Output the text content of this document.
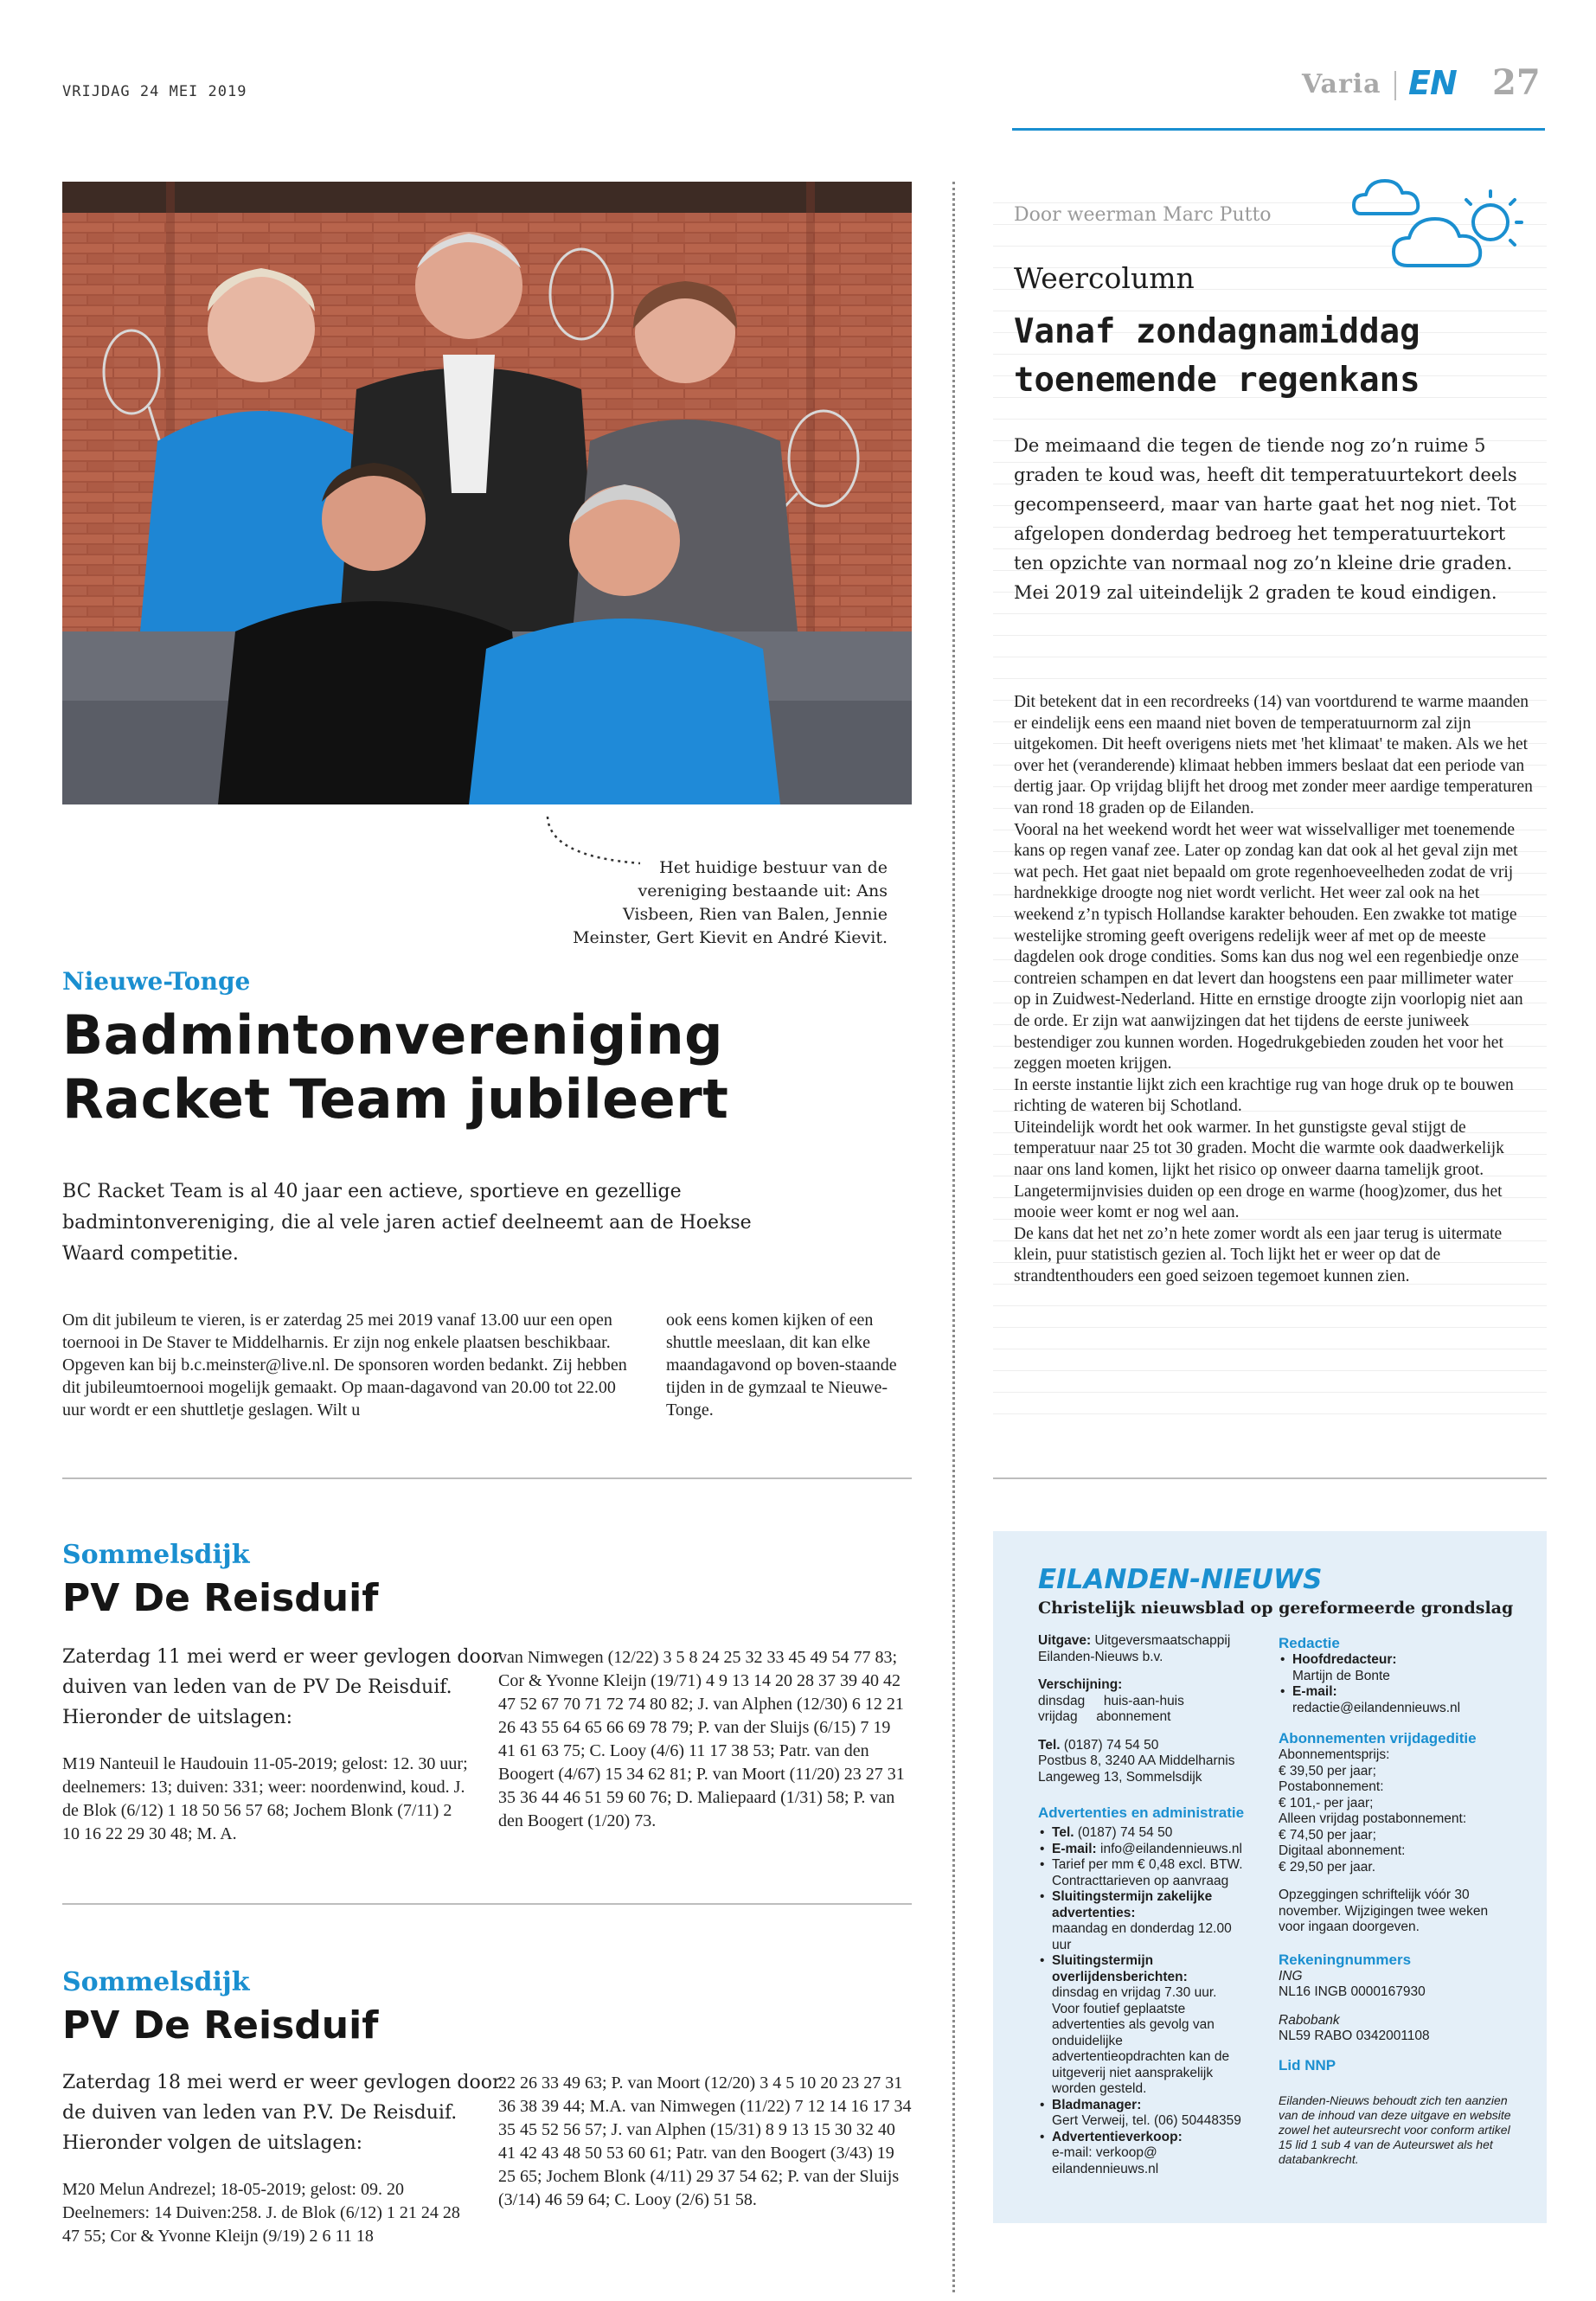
VRIJDAG 24 MEI 2019	Varia EN 27
Het huidige bestuur van de vereniging bestaande uit: Ans Visbeen, Rien van Balen, Jennie Meinster, Gert Kievit en André Kievit.
Nieuwe-Tonge
Badmintonvereniging
Racket Team jubileert
BC Racket Team is al 40 jaar een actieve, sportieve en gezellige badmintonvereniging, die al vele jaren actief deelneemt aan de Hoekse Waard competitie.
Om dit jubileum te vieren, is er zaterdag 25 mei 2019 vanaf 13.00 uur een open toernooi in De Staver te Middelharnis. Er zijn nog enkele plaatsen beschikbaar. Opgeven kan bij b.c.meinster@live.nl. De sponsoren worden bedankt. Zij hebben dit jubileumtoernooi mogelijk gemaakt. Op maan-dagavond van 20.00 tot 22.00 uur wordt er een shuttletje geslagen. Wilt u
ook eens komen kijken of een shuttle meeslaan, dit kan elke maandagavond op boven-staande tijden in de gymzaal te Nieuwe-Tonge.
Sommelsdijk
PV De Reisduif
Zaterdag 11 mei werd er weer gevlogen door duiven van leden van de PV De Reisduif. Hieronder de uitslagen:
M19 Nanteuil le Haudouin 11-05-2019; gelost: 12. 30 uur; deelnemers: 13; duiven: 331; weer: noordenwind, koud. J. de Blok (6/12) 1 18 50 56 57 68; Jochem Blonk (7/11) 2 10 16 22 29 30 48; M. A.
van Nimwegen (12/22) 3 5 8 24 25 32 33 45 49 54 77 83; Cor & Yvonne Kleijn (19/71) 4 9 13 14 20 28 37 39 40 42 47 52 67 70 71 72 74 80 82; J. van Alphen (12/30) 6 12 21 26 43 55 64 65 66 69 78 79; P. van der Sluijs (6/15) 7 19 41 61 63 75; C. Looy (4/6) 11 17 38 53; Patr. van den Boogert (4/67) 15 34 62 81; P. van Moort (11/20) 23 27 31 35 36 44 46 51 59 60 76; D. Maliepaard (1/31) 58; P. van den Boogert (1/20) 73.
Sommelsdijk
PV De Reisduif
Zaterdag 18 mei werd er weer gevlogen door de duiven van leden van P.V. De Reisduif. Hieronder volgen de uitslagen:
M20 Melun Andrezel; 18-05-2019; gelost: 09. 20 Deelnemers: 14 Duiven:258. J. de Blok (6/12) 1 21 24 28 47 55; Cor & Yvonne Kleijn (9/19) 2 6 11 18
22 26 33 49 63; P. van Moort (12/20) 3 4 5 10 20 23 27 31 36 38 39 44; M.A. van Nimwegen (11/22) 7 12 14 16 17 34 35 45 52 56 57; J. van Alphen (15/31) 8 9 13 15 30 32 40 41 42 43 48 50 53 60 61; Patr. van den Boogert (3/43) 19 25 65; Jochem Blonk (4/11) 29 37 54 62; P. van der Sluijs (3/14) 46 59 64; C. Looy (2/6) 51 58.
Door weerman Marc Putto
Weercolumn
Vanaf zondagnamiddag
toenemende regenkans
De meimaand die tegen de tiende nog zo’n ruime 5 graden te koud was, heeft dit temperatuurtekort deels gecompenseerd, maar van harte gaat het nog niet. Tot afgelopen donderdag bedroeg het temperatuurtekort ten opzichte van normaal nog zo’n kleine drie graden. Mei 2019 zal uiteindelijk 2 graden te koud eindigen.
Dit betekent dat in een recordreeks (14) van voortdurend te warme maanden er eindelijk eens een maand niet boven de temperatuurnorm zal zijn uitgekomen. Dit heeft overigens niets met 'het klimaat' te maken. Als we het over het (veranderende) klimaat hebben immers beslaat dat een periode van dertig jaar. Op vrijdag blijft het droog met zonder meer aardige temperaturen van rond 18 graden op de Eilanden.
Vooral na het weekend wordt het weer wat wisselvalliger met toenemende kans op regen vanaf zee. Later op zondag kan dat ook al het geval zijn met wat pech. Het gaat niet bepaald om grote regenhoeveelheden zodat de vrij hardnekkige droogte nog niet wordt verlicht. Het weer zal ook na het weekend z’n typisch Hollandse karakter behouden. Een zwakke tot matige westelijke stroming geeft overigens redelijk weer af met op de meeste dagdelen ook droge condities. Soms kan dus nog wel een regenbiedje onze contreien schampen en dat levert dan hoogstens een paar millimeter water op in Zuidwest-Nederland. Hitte en ernstige droogte zijn voorlopig niet aan de orde. Er zijn wat aanwijzingen dat het tijdens de eerste juniweek bestendiger zou kunnen worden. Hogedrukgebieden zouden het voor het zeggen moeten krijgen.
In eerste instantie lijkt zich een krachtige rug van hoge druk op te bouwen richting de wateren bij Schotland.
Uiteindelijk wordt het ook warmer. In het gunstigste geval stijgt de temperatuur naar 25 tot 30 graden. Mocht die warmte ook daadwerkelijk naar ons land komen, lijkt het risico op onweer daarna tamelijk groot. Langetermijnvisies duiden op een droge en warme (hoog)zomer, dus het mooie weer komt er nog wel aan.
De kans dat het net zo’n hete zomer wordt als een jaar terug is uitermate klein, puur statistisch gezien al. Toch lijkt het er weer op dat de strandtenthouders een goed seizoen tegemoet kunnen zien.
EILANDEN-NIEUWS
Christelijk nieuwsblad op gereformeerde grondslag
Uitgave: Uitgeversmaatschappij Eilanden-Nieuws b.v.
Verschijning:
dinsdag     huis-aan-huis
vrijdag     abonnement
Tel. (0187) 74 54 50
Postbus 8, 3240 AA Middelharnis
Langeweg 13, Sommelsdijk
Advertenties en administratie
• Tel. (0187) 74 54 50
• E-mail: info@eilandennieuws.nl
• Tarief per mm € 0,48 excl. BTW. Contracttarieven op aanvraag
• Sluitingstermijn zakelijke advertenties:
maandag en donderdag 12.00 uur
• Sluitingstermijn overlijdensberichten:
dinsdag en vrijdag 7.30 uur. Voor foutief geplaatste advertenties als gevolg van onduidelijke advertentieopdrachten kan de uitgeverij niet aansprakelijk worden gesteld.
• Bladmanager:
Gert Verweij, tel. (06) 50448359
• Advertentieverkoop:
e-mail: verkoop@ eilandennieuws.nl
Redactie
• Hoofdredacteur:
Martijn de Bonte
• E-mail:
redactie@eilandennieuws.nl
Abonnementen vrijdageditie
Abonnementsprijs:
€ 39,50 per jaar;
Postabonnement:
€ 101,- per jaar;
Alleen vrijdag postabonnement:
€ 74,50 per jaar;
Digitaal abonnement:
€ 29,50 per jaar.
Opzeggingen schriftelijk vóór 30 november. Wijzigingen twee weken voor ingaan doorgeven.
Rekeningnummers
ING
NL16 INGB 0000167930
Rabobank
NL59 RABO 0342001108
Lid NNP
Eilanden-Nieuws behoudt zich ten aanzien van de inhoud van deze uitgave en website zowel het auteursrecht voor conform artikel 15 lid 1 sub 4 van de Auteurswet als het databankrecht.
